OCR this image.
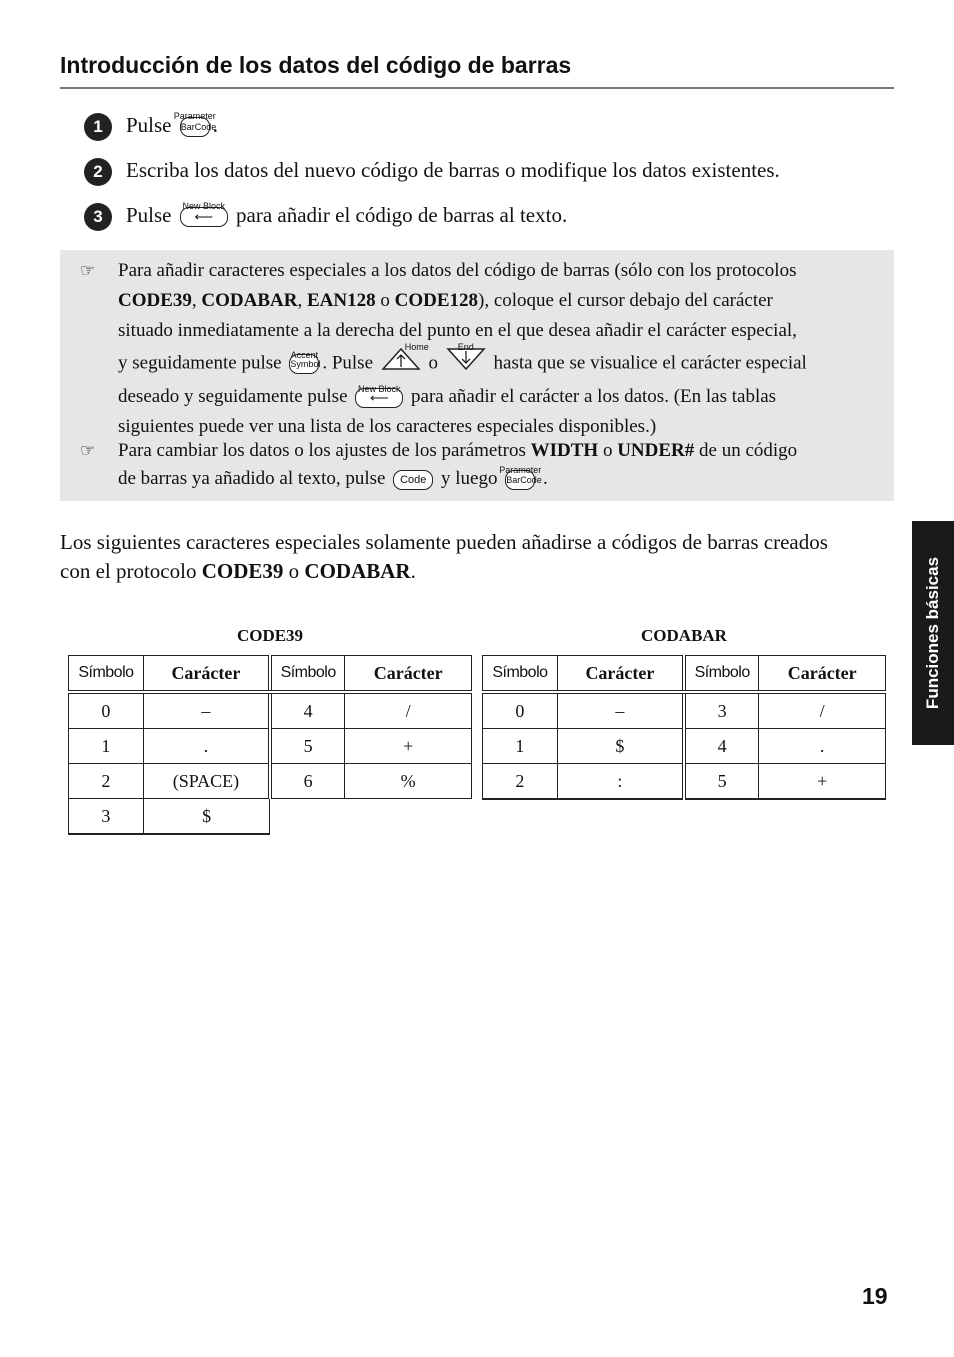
Introducción de los datos del código de barras
1 Pulse Parameter
BarCode
.
2 Escriba los datos del nuevo código de barras o modifique los datos existentes.
3 Pulse New Block
⟵	para añadir el código de barras al texto.
☞ Para añadir caracteres especiales a los datos del código de barras (sólo con los protocolos
CODE39, CODABAR, EAN128 o CODE128), coloque el cursor debajo del carácter
situado inmediatamente a la derecha del punto en el que desea añadir el carácter especial,
y seguidamente pulse Accent
Symbol . Pulse
Home
o
End
hasta que se visualice el carácter especial
deseado y seguidamente pulse New Block
⟵	para añadir el carácter a los datos. (En las tablas
siguientes puede ver una lista de los caracteres especiales disponibles.)
☞ Para cambiar los datos o los ajustes de los parámetros WIDTH o UNDER# de un código
de barras ya añadido al texto, pulse	Code y luego Parameter
BarCode .
Los siguientes caracteres especiales solamente pueden añadirse a códigos de barras creados con el protocolo CODE39 o CODABAR.
CODE39
Símbolo	Carácter	Símbolo	Carácter
0	–	4	/
1	.	5	+
2	(SPACE)	6	%
3	$		
CODABAR
Símbolo	Carácter	Símbolo	Carácter
0	–	3	/
1	$	4	.
2	:	5	+
Funciones básicas
19
